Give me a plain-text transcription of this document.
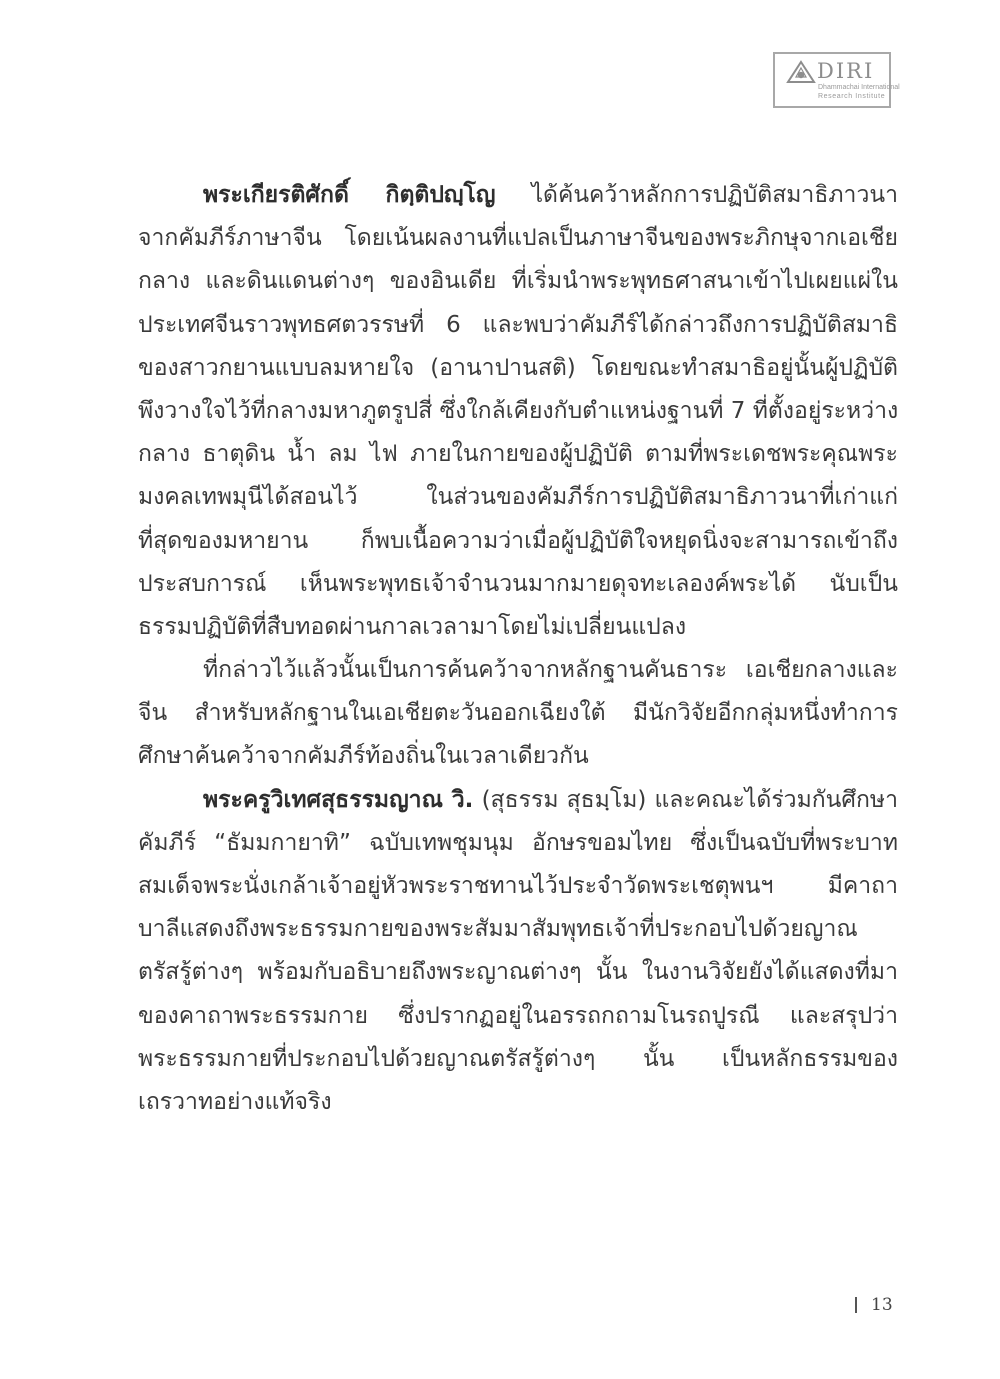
DIRI
Dhammachai International
Research Institute
พระเกียรติศักดิ์ กิตฺติปญฺโญ ได้ค้นคว้าหลักการปฏิบัติสมาธิภาวนา
จากคัมภีร์ภาษาจีน โดยเน้นผลงานที่แปลเป็นภาษาจีนของพระภิกษุจากเอเชีย
กลาง และดินแดนต่างๆ ของอินเดีย ที่เริ่มนำพระพุทธศาสนาเข้าไปเผยแผ่ใน
ประเทศจีนราวพุทธศตวรรษที่ 6 และพบว่าคัมภีร์ได้กล่าวถึงการปฏิบัติสมาธิ
ของสาวกยานแบบลมหายใจ (อานาปานสติ) โดยขณะทำสมาธิอยู่นั้นผู้ปฏิบัติ
พึงวางใจไว้ที่กลางมหาภูตรูปสี่ ซึ่งใกล้เคียงกับตำแหน่งฐานที่ 7 ที่ตั้งอยู่ระหว่าง
กลาง ธาตุดิน น้ำ ลม ไฟ ภายในกายของผู้ปฏิบัติ ตามที่พระเดชพระคุณพระ
มงคลเทพมุนีได้สอนไว้ ในส่วนของคัมภีร์การปฏิบัติสมาธิภาวนาที่เก่าแก่
ที่สุดของมหายาน ก็พบเนื้อความว่าเมื่อผู้ปฏิบัติใจหยุดนิ่งจะสามารถเข้าถึง
ประสบการณ์ เห็นพระพุทธเจ้าจำนวนมากมายดุจทะเลองค์พระได้ นับเป็น
ธรรมปฏิบัติที่สืบทอดผ่านกาลเวลามาโดยไม่เปลี่ยนแปลง
ที่กล่าวไว้แล้วนั้นเป็นการค้นคว้าจากหลักฐานคันธาระ เอเชียกลางและ
จีน สำหรับหลักฐานในเอเชียตะวันออกเฉียงใต้ มีนักวิจัยอีกกลุ่มหนึ่งทำการ
ศึกษาค้นคว้าจากคัมภีร์ท้องถิ่นในเวลาเดียวกัน
พระครูวิเทศสุธรรมญาณ วิ. (สุธรรม สุธมฺโม) และคณะได้ร่วมกันศึกษา
คัมภีร์ “ธัมมกายาทิ” ฉบับเทพชุมนุม อักษรขอมไทย ซึ่งเป็นฉบับที่พระบาท
สมเด็จพระนั่งเกล้าเจ้าอยู่หัวพระราชทานไว้ประจำวัดพระเชตุพนฯ มีคาถา
บาลีแสดงถึงพระธรรมกายของพระสัมมาสัมพุทธเจ้าที่ประกอบไปด้วยญาณ
ตรัสรู้ต่างๆ พร้อมกับอธิบายถึงพระญาณต่างๆ นั้น ในงานวิจัยยังได้แสดงที่มา
ของคาถาพระธรรมกาย ซึ่งปรากฏอยู่ในอรรถกถามโนรถปูรณี และสรุปว่า
พระธรรมกายที่ประกอบไปด้วยญาณตรัสรู้ต่างๆ นั้น เป็นหลักธรรมของ
เถรวาทอย่างแท้จริง
13
